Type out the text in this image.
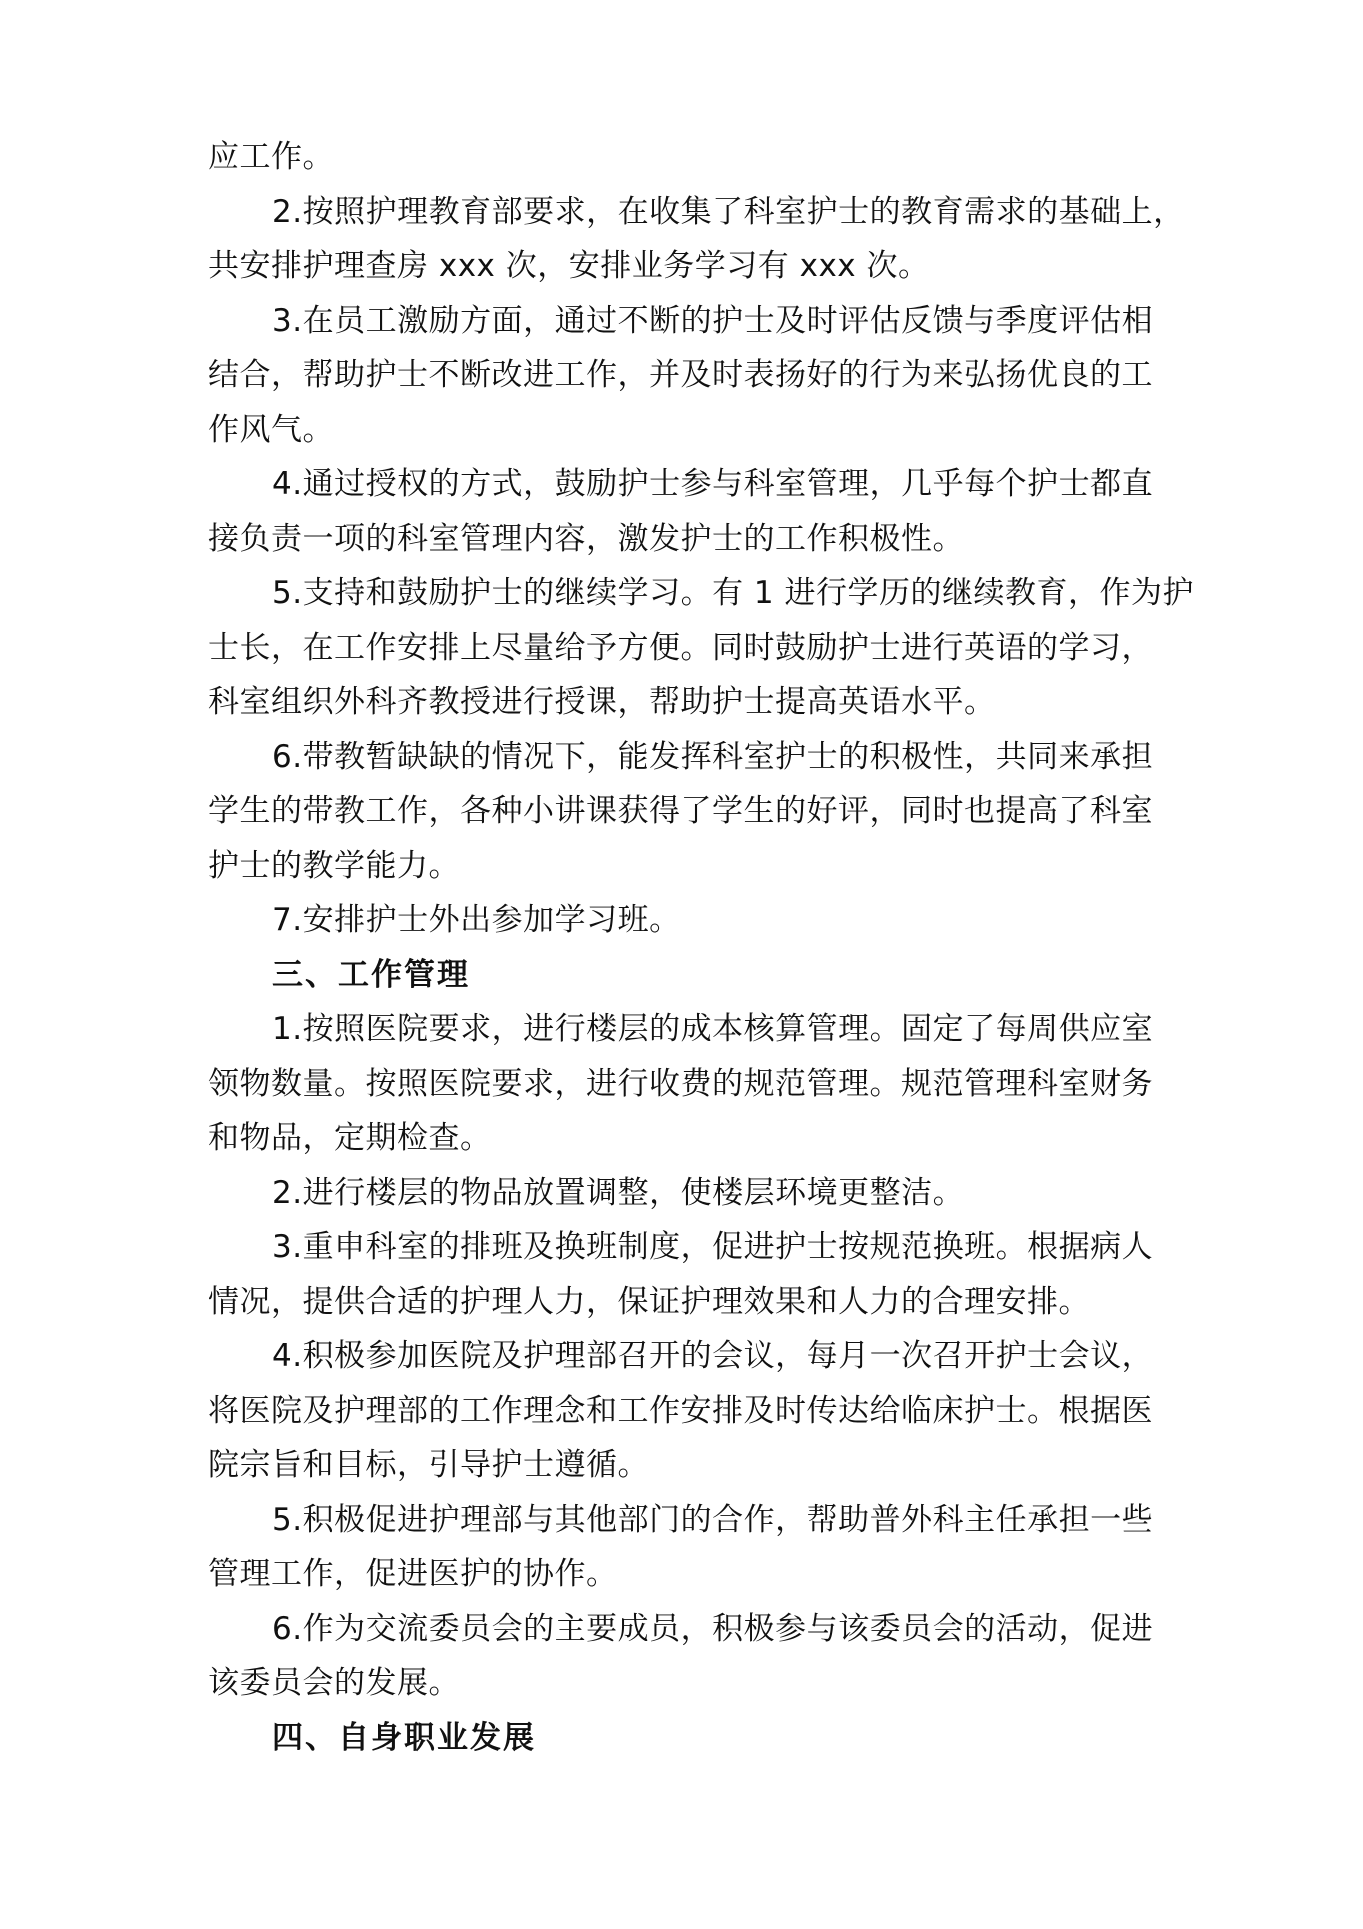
应工作。
2.按照护理教育部要求，在收集了科室护士的教育需求的基础上，
共安排护理查房 xxx 次，安排业务学习有 xxx 次。
3.在员工激励方面，通过不断的护士及时评估反馈与季度评估相
结合，帮助护士不断改进工作，并及时表扬好的行为来弘扬优良的工
作风气。
4.通过授权的方式，鼓励护士参与科室管理，几乎每个护士都直
接负责一项的科室管理内容，激发护士的工作积极性。
5.支持和鼓励护士的继续学习。有 1 进行学历的继续教育，作为护
士长，在工作安排上尽量给予方便。同时鼓励护士进行英语的学习，
科室组织外科齐教授进行授课，帮助护士提高英语水平。
6.带教暂缺缺的情况下，能发挥科室护士的积极性，共同来承担
学生的带教工作，各种小讲课获得了学生的好评，同时也提高了科室
护士的教学能力。
7.安排护士外出参加学习班。
三、工作管理
1.按照医院要求，进行楼层的成本核算管理。固定了每周供应室
领物数量。按照医院要求，进行收费的规范管理。规范管理科室财务
和物品，定期检查。
2.进行楼层的物品放置调整，使楼层环境更整洁。
3.重申科室的排班及换班制度，促进护士按规范换班。根据病人
情况，提供合适的护理人力，保证护理效果和人力的合理安排。
4.积极参加医院及护理部召开的会议，每月一次召开护士会议，
将医院及护理部的工作理念和工作安排及时传达给临床护士。根据医
院宗旨和目标，引导护士遵循。
5.积极促进护理部与其他部门的合作，帮助普外科主任承担一些
管理工作，促进医护的协作。
6.作为交流委员会的主要成员，积极参与该委员会的活动，促进
该委员会的发展。
四、自身职业发展
